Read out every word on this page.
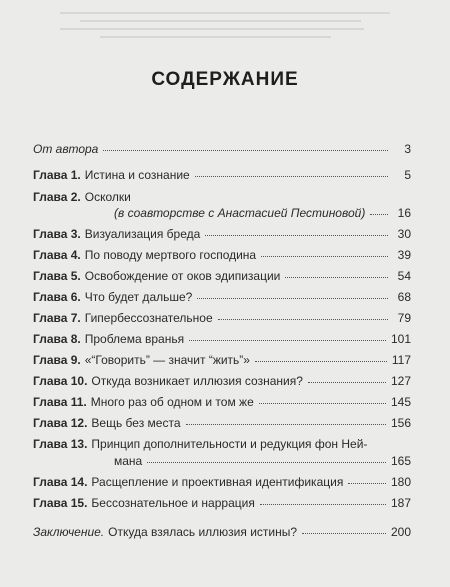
СОДЕРЖАНИЕ
От автора	3
Глава 1. Истина и сознание	5
Глава 2. Осколки
(в соавторстве с Анастасией Пестиновой)	16
Глава 3. Визуализация бреда	30
Глава 4. По поводу мертвого господина	39
Глава 5. Освобождение от оков эдипизации	54
Глава 6. Что будет дальше?	68
Глава 7. Гипербессознательное	79
Глава 8. Проблема вранья	101
Глава 9. «“Говорить” — значит “жить”»	117
Глава 10. Откуда возникает иллюзия сознания?	127
Глава 11. Много раз об одном и том же	145
Глава 12. Вещь без места	156
Глава 13. Принцип дополнительности и редукция фон Ней-
мана	165
Глава 14. Расщепление и проективная идентификация	180
Глава 15. Бессознательное и наррация	187
Заключение. Откуда взялась иллюзия истины?	200
